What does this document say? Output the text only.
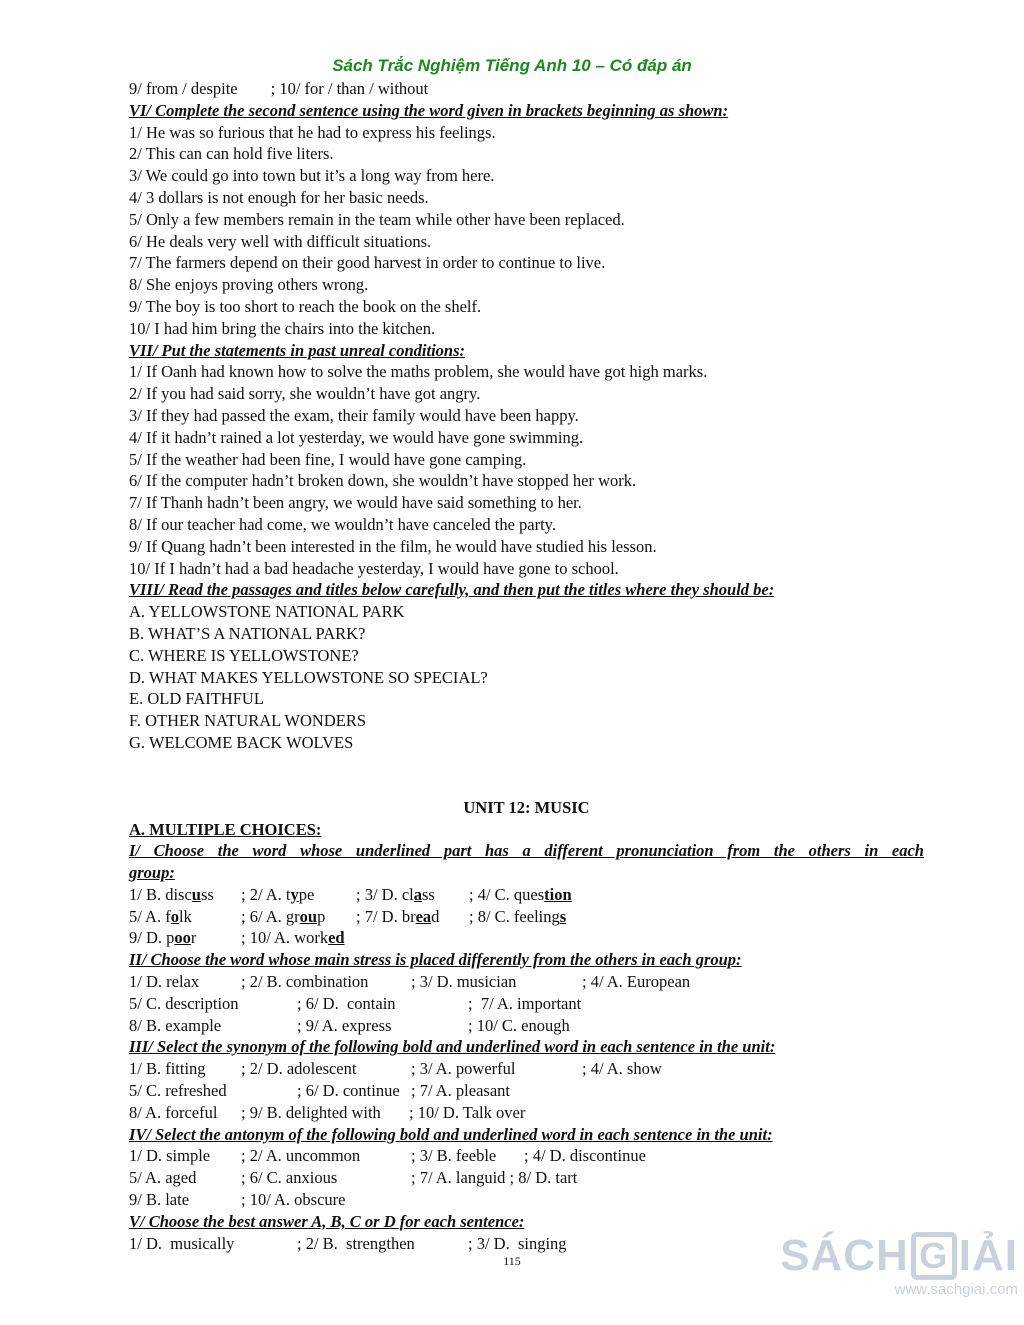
Sách Trắc Nghiệm Tiếng Anh 10 – Có đáp án
9/ from / despite        ; 10/ for / than / without
VI/ Complete the second sentence using the word given in brackets beginning as shown:
1/ He was so furious that he had to express his feelings.
2/ This can can hold five liters.
3/ We could go into town but it’s a long way from here.
4/ 3 dollars is not enough for her basic needs.
5/ Only a few members remain in the team while other have been replaced.
6/ He deals very well with difficult situations.
7/ The farmers depend on their good harvest in order to continue to live.
8/ She enjoys proving others wrong.
9/ The boy is too short to reach the book on the shelf.
10/ I had him bring the chairs into the kitchen.
VII/ Put the statements in past unreal conditions:
1/ If Oanh had known how to solve the maths problem, she would have got high marks.
2/ If you had said sorry, she wouldn’t have got angry.
3/ If they had passed the exam, their family would have been happy.
4/ If it hadn’t rained a lot yesterday, we would have gone swimming.
5/ If the weather had been fine, I would have gone camping.
6/ If the computer hadn’t broken down, she wouldn’t have stopped her work.
7/ If Thanh hadn’t been angry, we would have said something to her.
8/ If our teacher had come, we wouldn’t have canceled the party.
9/ If Quang hadn’t been interested in the film, he would have studied his lesson.
10/ If I hadn’t had a bad headache yesterday, I would have gone to school.
VIII/ Read the passages and titles below carefully, and then put the titles where they should be:
A. YELLOWSTONE NATIONAL PARK
B. WHAT’S A NATIONAL PARK?
C. WHERE IS YELLOWSTONE?
D. WHAT MAKES YELLOWSTONE SO SPECIAL?
E. OLD FAITHFUL
F. OTHER NATURAL WONDERS
G. WELCOME BACK WOLVES
UNIT 12: MUSIC
A. MULTIPLE CHOICES:
I/ Choose the word whose underlined part has a different pronunciation from the others in each
group:
1/ B. discuss	; 2/ A. type	; 3/ D. class	; 4/ C. question
5/ A. folk	; 6/ A. group	; 7/ D. bread	; 8/ C. feelings
9/ D. poor	; 10/ A. worked
II/ Choose the word whose main stress is placed differently from the others in each group:
1/ D. relax	; 2/ B. combination	; 3/ D. musician	; 4/ A. European
5/ C. description	; 6/ D.  contain	;  7/ A. important
8/ B. example	; 9/ A. express	; 10/ C. enough
III/ Select the synonym of the following bold and underlined word in each sentence in the unit:
1/ B. fitting	; 2/ D. adolescent	; 3/ A. powerful	; 4/ A. show
5/ C. refreshed	; 6/ D. continue ; 7/ A. pleasant
8/ A. forceful	; 9/ B. delighted with	; 10/ D. Talk over
IV/ Select the antonym of the following bold and underlined word in each sentence in the unit:
1/ D. simple	; 2/ A. uncommon	; 3/ B. feeble	; 4/ D. discontinue
5/ A. aged	; 6/ C. anxious	; 7/ A. languid ; 8/ D. tart
9/ B. late	; 10/ A. obscure
V/ Choose the best answer A, B, C or D for each sentence:
1/ D.  musically	; 2/ B.  strengthen	; 3/ D.  singing
115	SÁCH G IẢI
www.sachgiai.com
